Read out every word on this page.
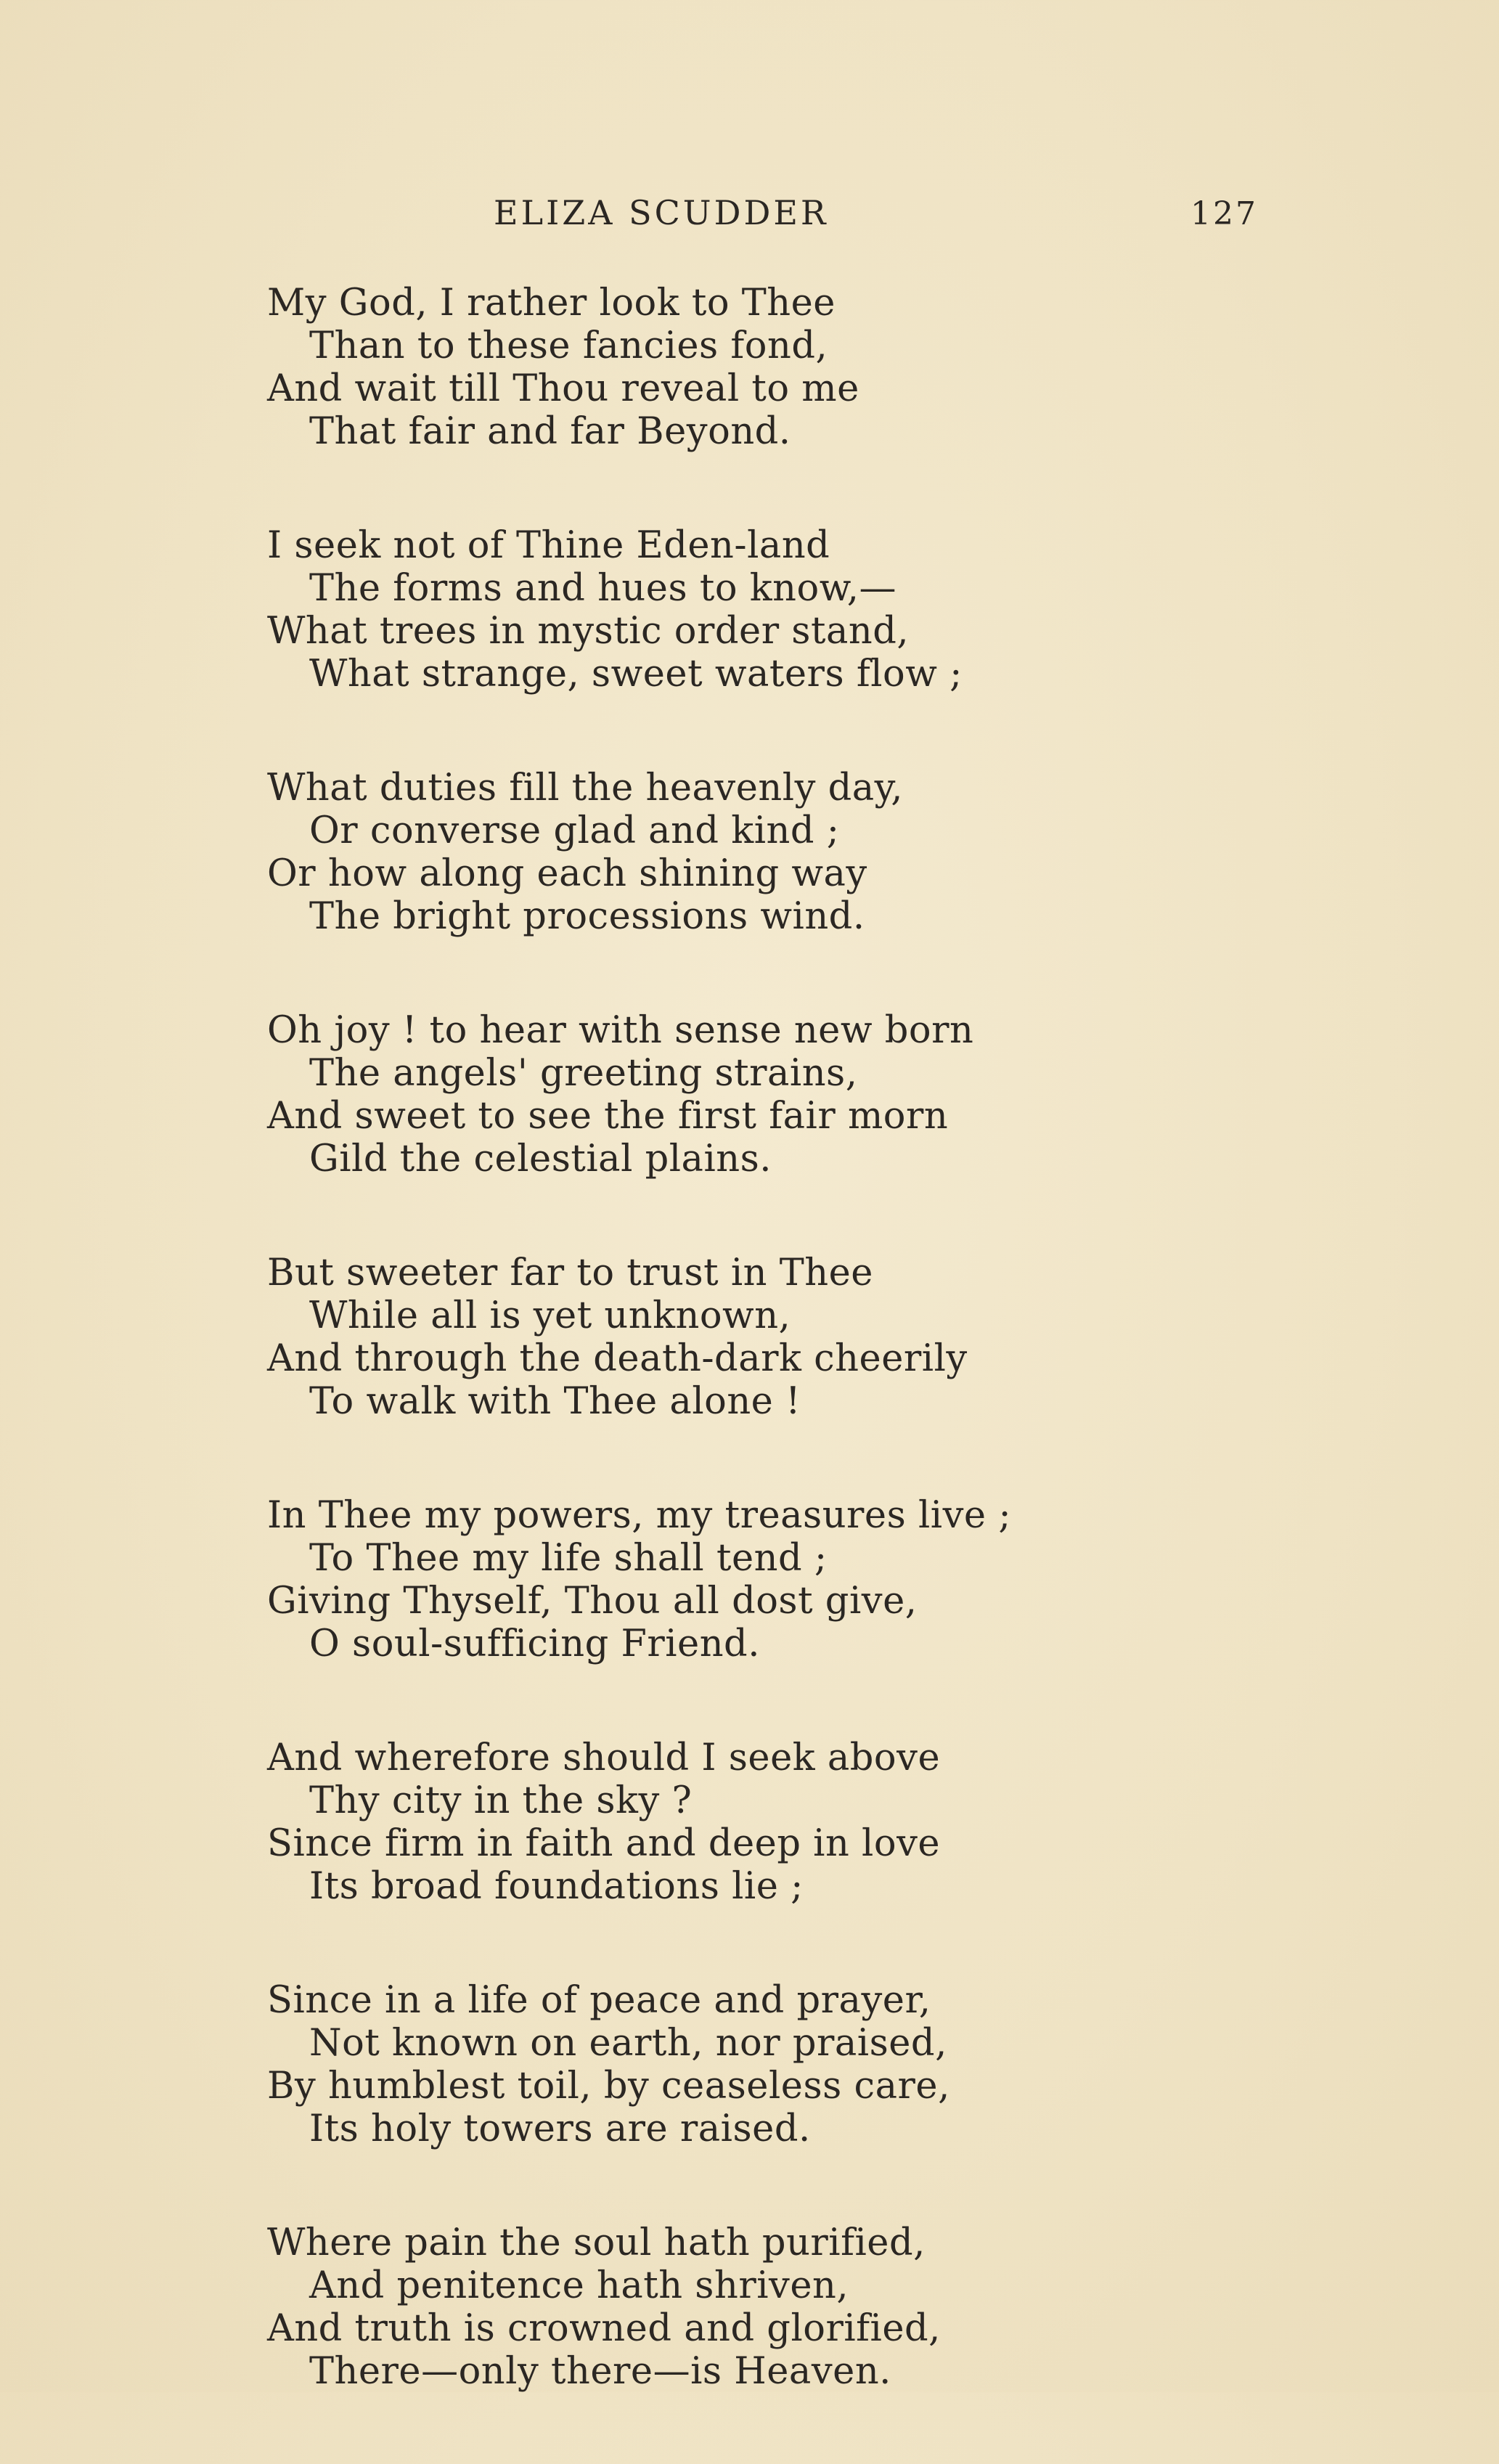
ELIZA SCUDDER	127
My God, I rather look to Thee
Than to these fancies fond,
And wait till Thou reveal to me
That fair and far Beyond.
I seek not of Thine Eden-land
The forms and hues to know,—
What trees in mystic order stand,
What strange, sweet waters flow ;
What duties fill the heavenly day,
Or converse glad and kind ;
Or how along each shining way
The bright processions wind.
Oh joy ! to hear with sense new born
The angels' greeting strains,
And sweet to see the first fair morn
Gild the celestial plains.
But sweeter far to trust in Thee
While all is yet unknown,
And through the death-dark cheerily
To walk with Thee alone !
In Thee my powers, my treasures live ;
To Thee my life shall tend ;
Giving Thyself, Thou all dost give,
O soul-sufficing Friend.
And wherefore should I seek above
Thy city in the sky ?
Since firm in faith and deep in love
Its broad foundations lie ;
Since in a life of peace and prayer,
Not known on earth, nor praised,
By humblest toil, by ceaseless care,
Its holy towers are raised.
Where pain the soul hath purified,
And penitence hath shriven,
And truth is crowned and glorified,
There—only there—is Heaven.
